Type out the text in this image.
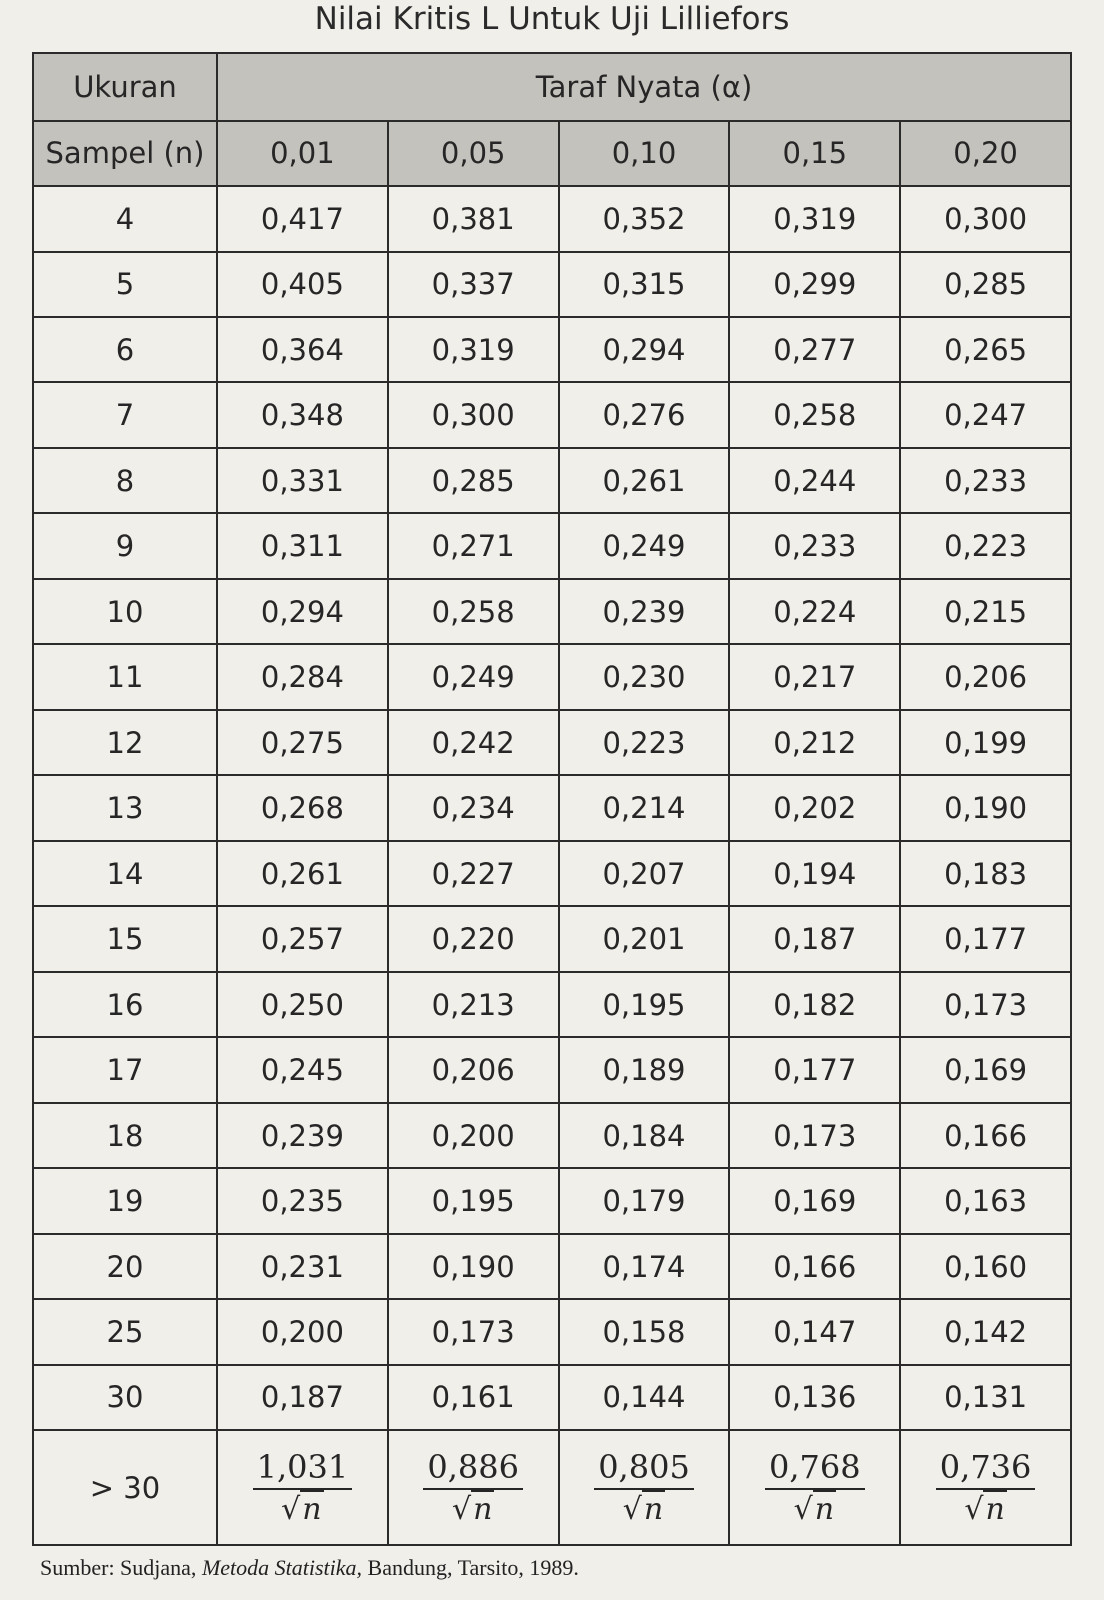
Nilai Kritis L Untuk Uji Lilliefors
Ukuran	Taraf Nyata (α)				
Sampel (n)	0,01	0,05	0,10	0,15	0,20
4	0,417	0,381	0,352	0,319	0,300
5	0,405	0,337	0,315	0,299	0,285
6	0,364	0,319	0,294	0,277	0,265
7	0,348	0,300	0,276	0,258	0,247
8	0,331	0,285	0,261	0,244	0,233
9	0,311	0,271	0,249	0,233	0,223
10	0,294	0,258	0,239	0,224	0,215
11	0,284	0,249	0,230	0,217	0,206
12	0,275	0,242	0,223	0,212	0,199
13	0,268	0,234	0,214	0,202	0,190
14	0,261	0,227	0,207	0,194	0,183
15	0,257	0,220	0,201	0,187	0,177
16	0,250	0,213	0,195	0,182	0,173
17	0,245	0,206	0,189	0,177	0,169
18	0,239	0,200	0,184	0,173	0,166
19	0,235	0,195	0,179	0,169	0,163
20	0,231	0,190	0,174	0,166	0,160
25	0,200	0,173	0,158	0,147	0,142
30	0,187	0,161	0,144	0,136	0,131
> 30	$\frac{1,031}{√n}$	$\frac{0,886}{√n}$	$\frac{0,805}{√n}$	$\frac{0,768}{√n}$	$\frac{0,736}{√n}$
Sumber: Sudjana, Metoda Statistika, Bandung, Tarsito, 1989.
